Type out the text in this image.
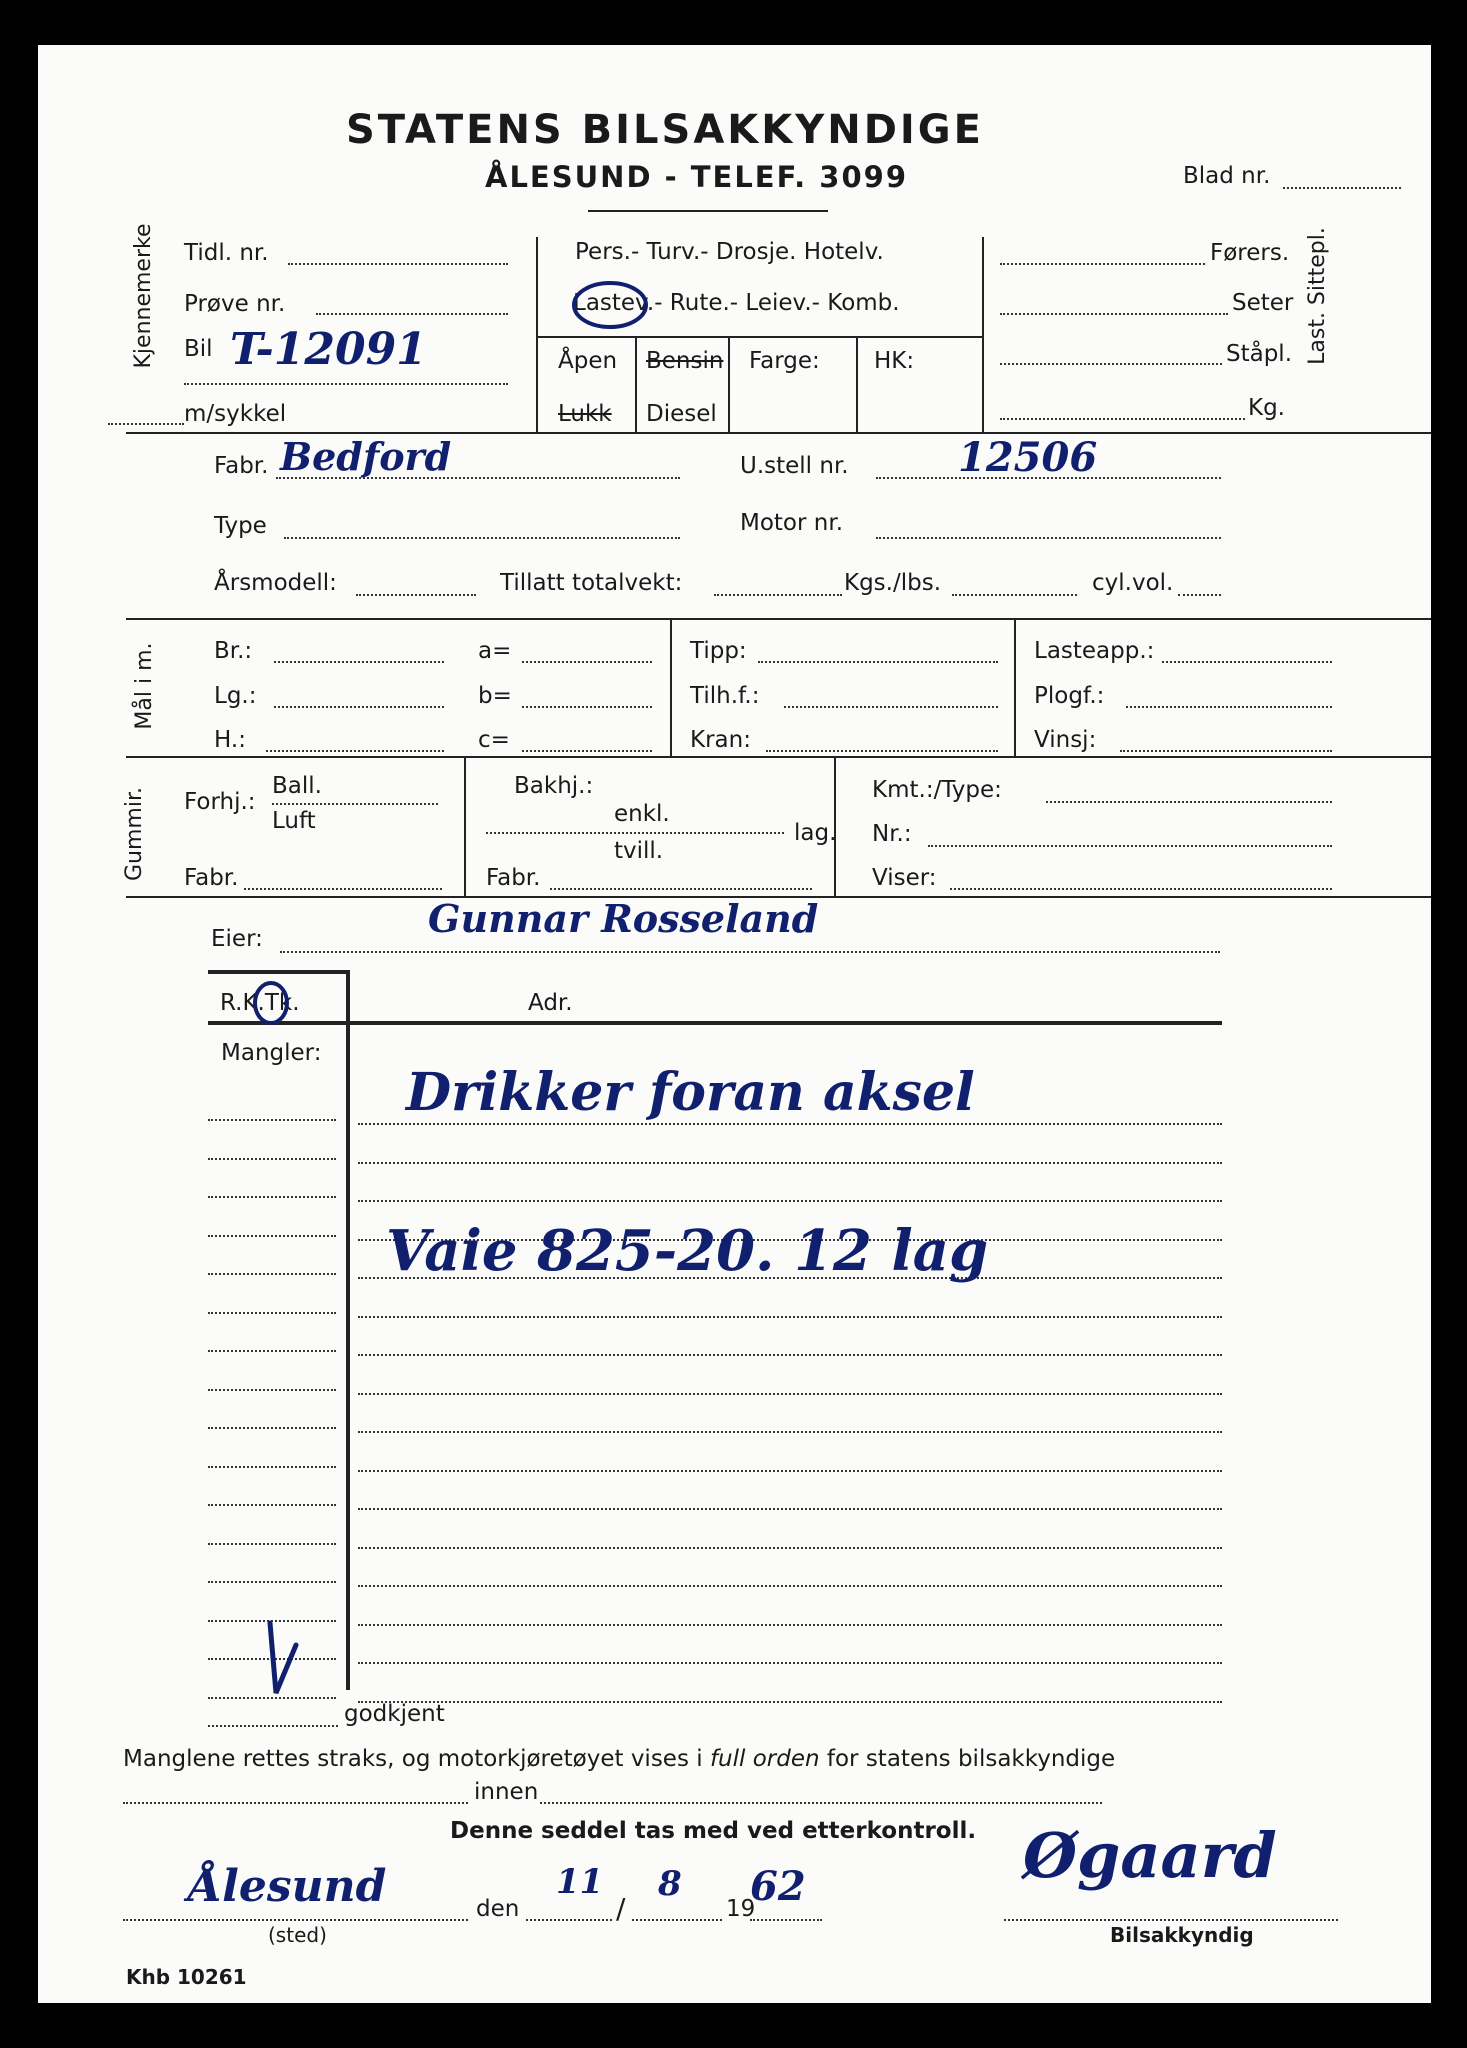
STATENS BILSAKKYNDIGE
ÅLESUND - TELEF. 3099	Blad nr.
Kjennemerke Tidl. nr.
Prøve nr.
Bil T-12091
m/sykkel
Pers.- Turv.- Drosje. Hotelv.
Lastev.- Rute.- Leiev.- Komb.
Åpen
Lukk
Bensin
Diesel
Farge: HK:
Førers.
Seter
Ståpl.
Kg.
Last. Sittepl.
Fabr. Bedford	U.stell nr.	12506
Type	Motor nr.
Årsmodell:	Tillatt totalvekt:	Kgs./lbs.	cyl.vol.
Mål i m. Br.:
Lg.:
H.:
a=
b=
c=
Tipp:
Tilh.f.:
Kran:
Lasteapp.:
Plogf.:
Vinsj:
Gummir. Forhj.:
Ball.
Luft
Fabr.
Bakhj.:
enkl.
tvill.
lag.
Fabr.
Kmt.:/Type:
Nr.:
Viser:
Eier:	Gunnar Rosseland
R.K.Tk.	Adr.
Mangler:
Drikker foran aksel
Vaie 825-20. 12 lag
godkjent
Manglene rettes straks, og motorkjøretøyet vises i full orden for statens bilsakkyndige
innen
Denne seddel tas med ved etterkontroll.
Ålesund
(sted)
den
11
/
8
19
62	Øgaard
Bilsakkyndig
Khb 10261
